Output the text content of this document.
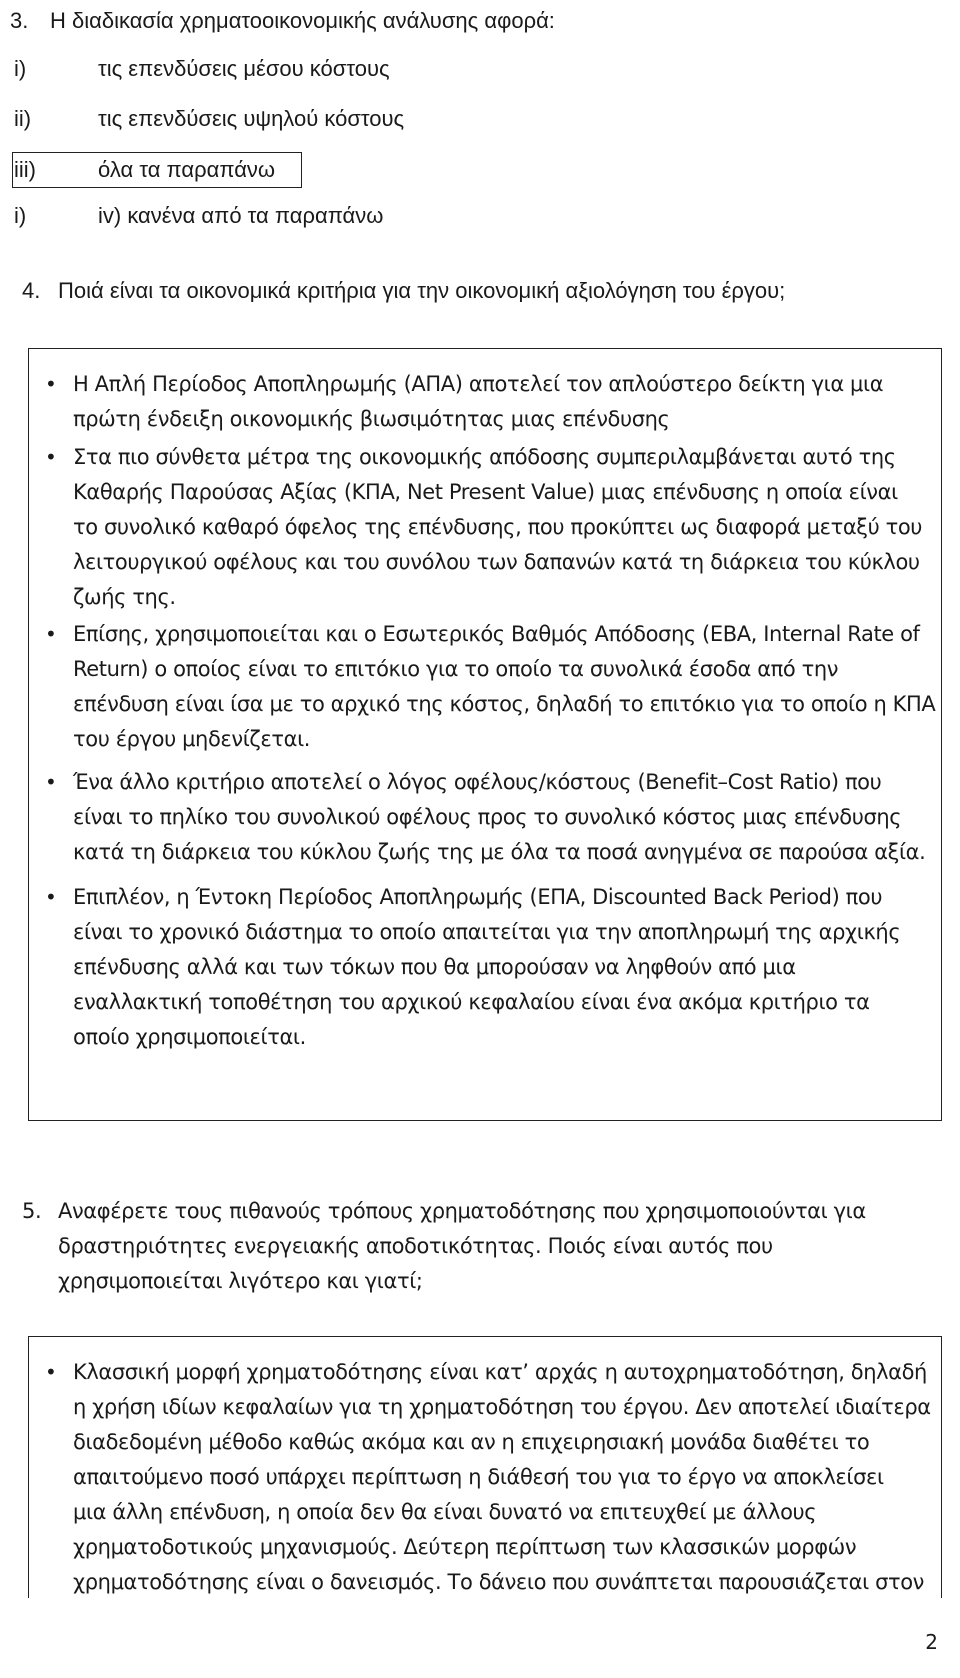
3. Η διαδικασία χρηματοοικονομικής ανάλυσης αφορά:
i)	τις επενδύσεις μέσου κόστους
ii)	τις επενδύσεις υψηλού κόστους
iii)	όλα τα παραπάνω
i)	iv) κανένα από τα παραπάνω
4. Ποιά είναι τα οικονομικά κριτήρια για την οικονομική αξιολόγηση του έργου;
• Η Απλή Περίοδος Αποπληρωμής (ΑΠΑ) αποτελεί τον απλούστερο δείκτη για μια
πρώτη ένδειξη οικονομικής βιωσιμότητας μιας επένδυσης
• Στα πιο σύνθετα μέτρα της οικονομικής απόδοσης συμπεριλαμβάνεται αυτό της
Καθαρής Παρούσας Αξίας (ΚΠΑ, Net Present Value) μιας επένδυσης η οποία είναι
το συνολικό καθαρό όφελος της επένδυσης, που προκύπτει ως διαφορά μεταξύ του
λειτουργικού οφέλους και του συνόλου των δαπανών κατά τη διάρκεια του κύκλου
ζωής της.
• Επίσης, χρησιμοποιείται και ο Εσωτερικός Βαθμός Απόδοσης (ΕΒΑ, Internal Rate of
Return) ο οποίος είναι το επιτόκιο για το οποίο τα συνολικά έσοδα από την
επένδυση είναι ίσα με το αρχικό της κόστος, δηλαδή το επιτόκιο για το οποίο η ΚΠΑ
του έργου μηδενίζεται.
• Ένα άλλο κριτήριο αποτελεί ο λόγος οφέλους/κόστους (Benefit–Cost Ratio) που
είναι το πηλίκο του συνολικού οφέλους προς το συνολικό κόστος μιας επένδυσης
κατά τη διάρκεια του κύκλου ζωής της με όλα τα ποσά ανηγμένα σε παρούσα αξία.
• Επιπλέον, η Έντοκη Περίοδος Αποπληρωμής (ΕΠΑ, Discounted Back Period) που
είναι το χρονικό διάστημα το οποίο απαιτείται για την αποπληρωμή της αρχικής
επένδυσης αλλά και των τόκων που θα μπορούσαν να ληφθούν από μια
εναλλακτική τοποθέτηση του αρχικού κεφαλαίου είναι ένα ακόμα κριτήριο τα
οποίο χρησιμοποιείται.
5. Αναφέρετε τους πιθανούς τρόπους χρηματοδότησης που χρησιμοποιούνται για
δραστηριότητες ενεργειακής αποδοτικότητας. Ποιός είναι αυτός που
χρησιμοποιείται λιγότερο και γιατί;
• Κλασσική μορφή χρηματοδότησης είναι κατ’ αρχάς η αυτοχρηματοδότηση, δηλαδή
η χρήση ιδίων κεφαλαίων για τη χρηματοδότηση του έργου. Δεν αποτελεί ιδιαίτερα
διαδεδομένη μέθοδο καθώς ακόμα και αν η επιχειρησιακή μονάδα διαθέτει το
απαιτούμενο ποσό υπάρχει περίπτωση η διάθεσή του για το έργο να αποκλείσει
μια άλλη επένδυση, η οποία δεν θα είναι δυνατό να επιτευχθεί με άλλους
χρηματοδοτικούς μηχανισμούς. Δεύτερη περίπτωση των κλασσικών μορφών
χρηματοδότησης είναι ο δανεισμός. Το δάνειο που συνάπτεται παρουσιάζεται στον
2
